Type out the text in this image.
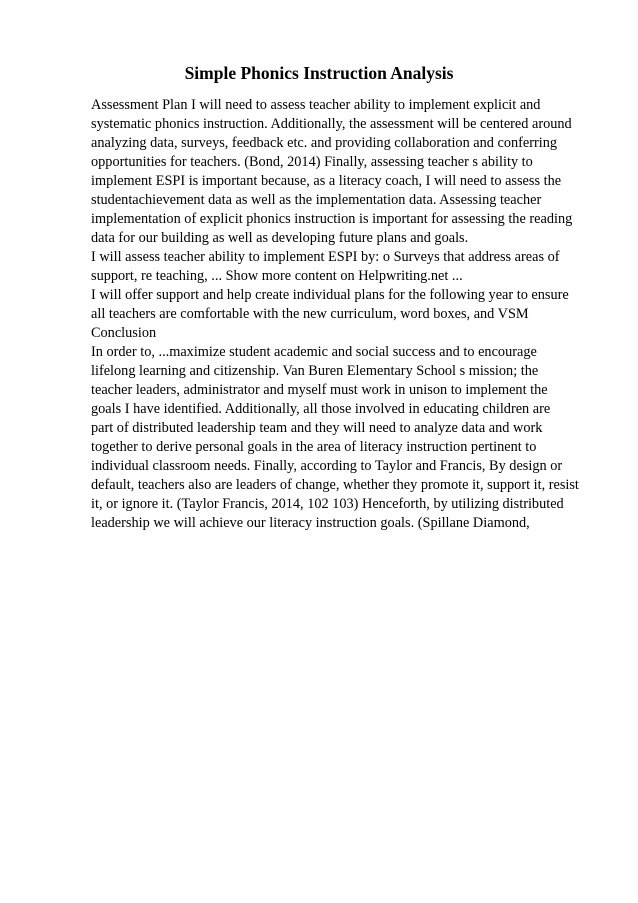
Simple Phonics Instruction Analysis
Assessment Plan I will need to assess teacher ability to implement explicit and
systematic phonics instruction. Additionally, the assessment will be centered around
analyzing data, surveys, feedback etc. and providing collaboration and conferring
opportunities for teachers. (Bond, 2014) Finally, assessing teacher s ability to
implement ESPI is important because, as a literacy coach, I will need to assess the
studentachievement data as well as the implementation data. Assessing teacher
implementation of explicit phonics instruction is important for assessing the reading
data for our building as well as developing future plans and goals.
I will assess teacher ability to implement ESPI by: o Surveys that address areas of
support, re teaching, ... Show more content on Helpwriting.net ...
I will offer support and help create individual plans for the following year to ensure
all teachers are comfortable with the new curriculum, word boxes, and VSM
Conclusion
In order to, ...maximize student academic and social success and to encourage
lifelong learning and citizenship. Van Buren Elementary School s mission; the
teacher leaders, administrator and myself must work in unison to implement the
goals I have identified. Additionally, all those involved in educating children are
part of distributed leadership team and they will need to analyze data and work
together to derive personal goals in the area of literacy instruction pertinent to
individual classroom needs. Finally, according to Taylor and Francis, By design or
default, teachers also are leaders of change, whether they promote it, support it, resist
it, or ignore it. (Taylor Francis, 2014, 102 103) Henceforth, by utilizing distributed
leadership we will achieve our literacy instruction goals. (Spillane Diamond,
